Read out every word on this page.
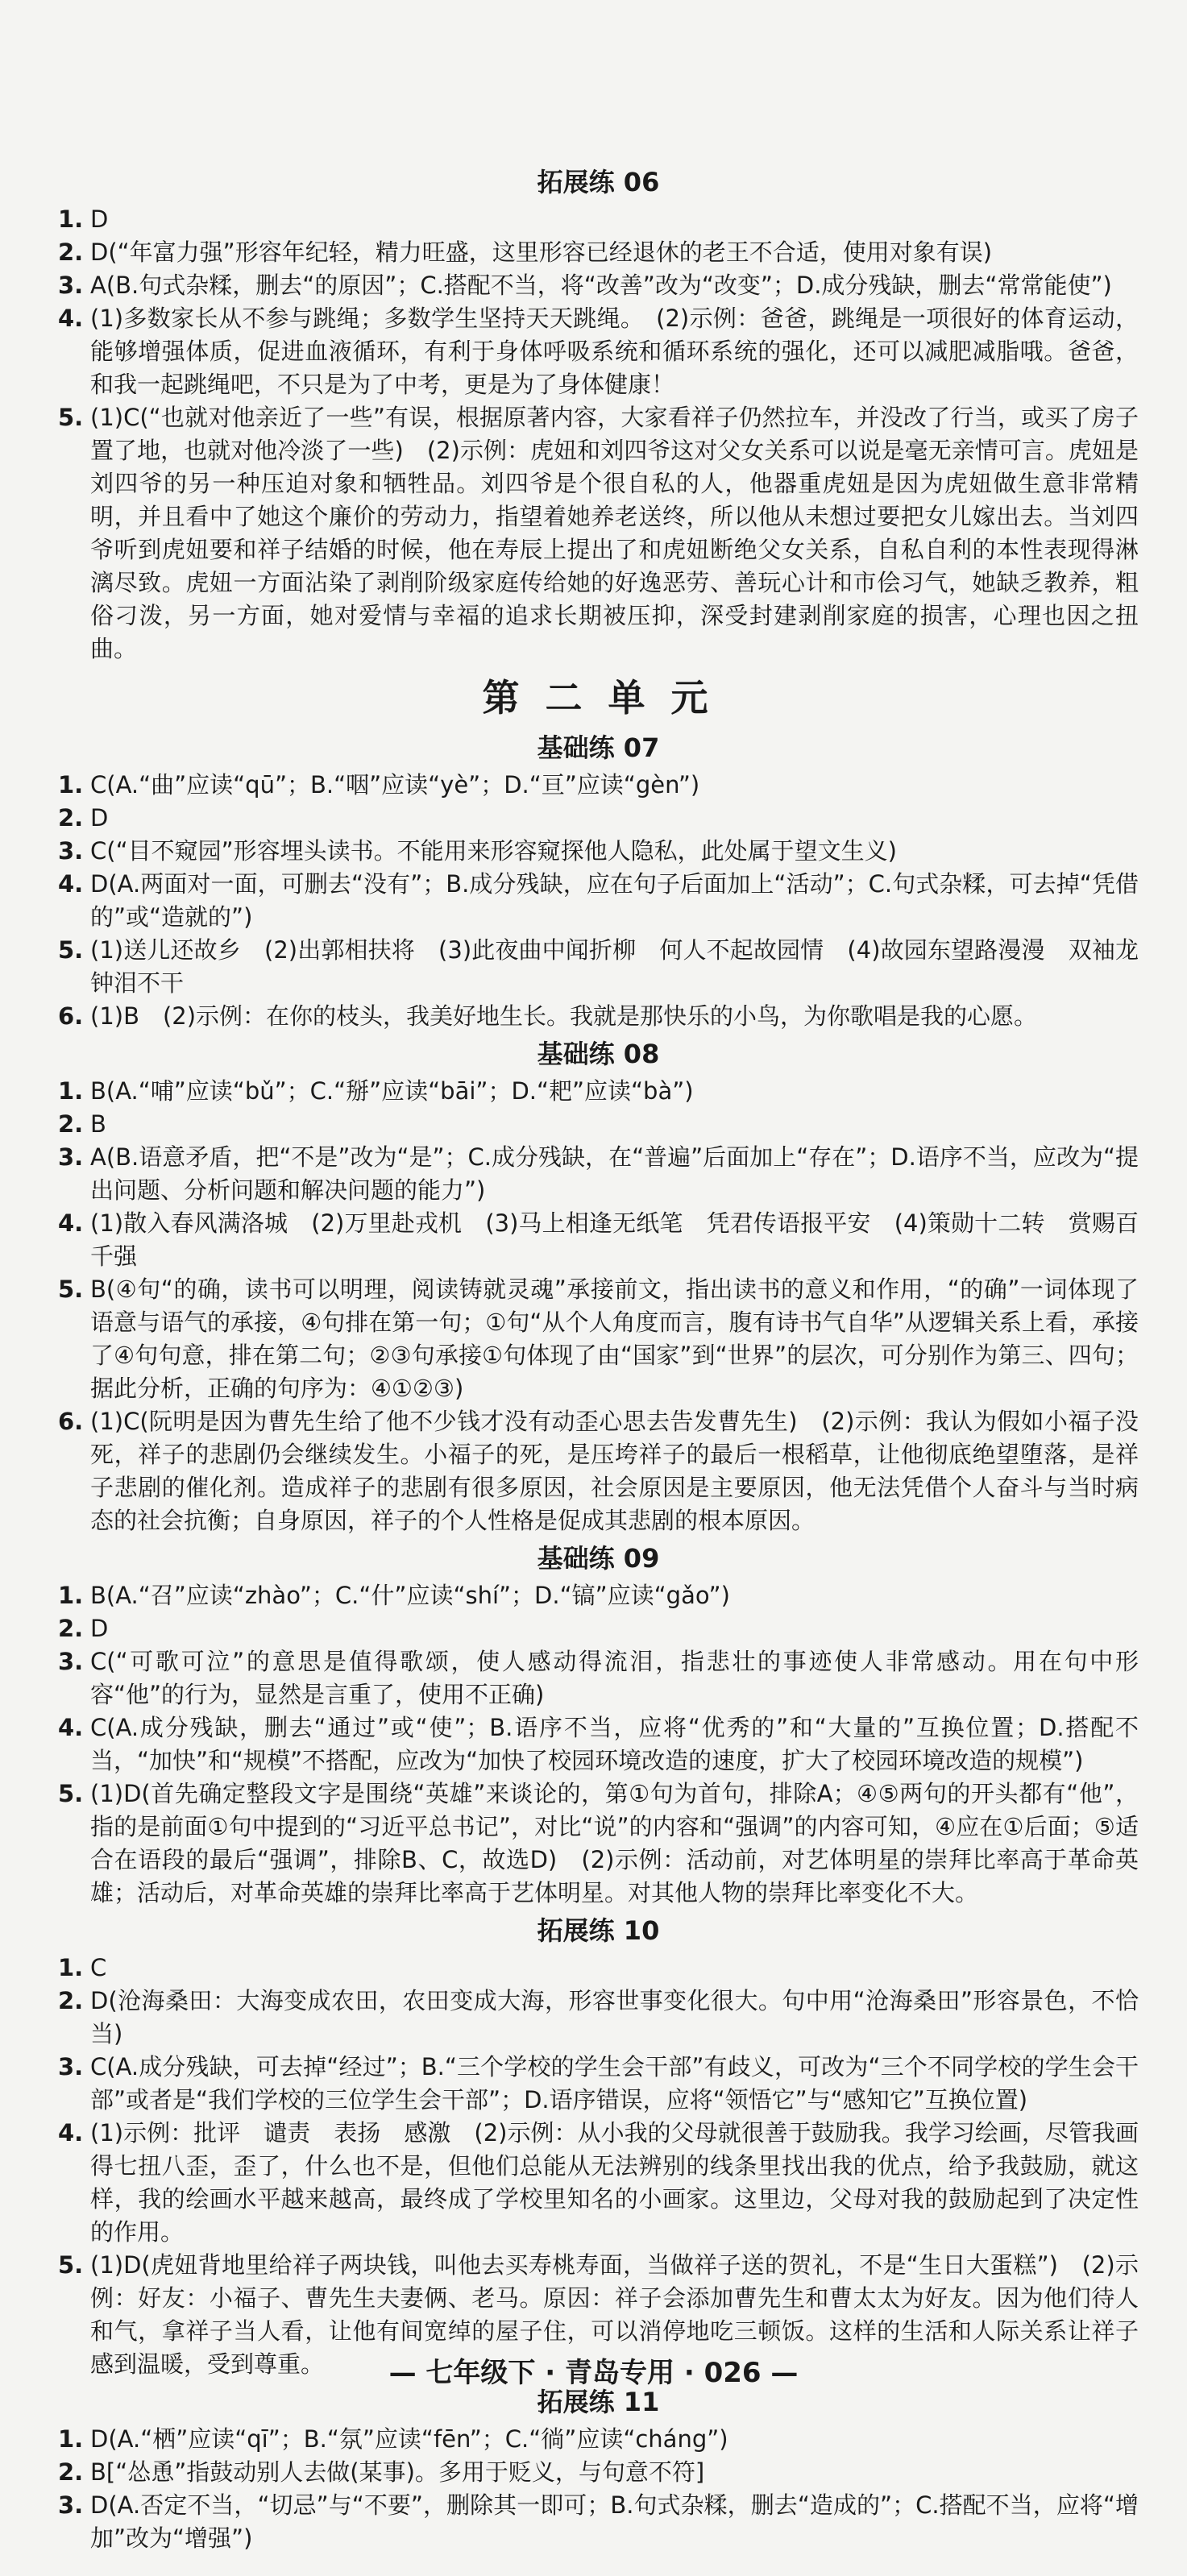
拓展练 06
1. D
2. D(“年富力强”形容年纪轻，精力旺盛，这里形容已经退休的老王不合适，使用对象有误)
3. A(B.句式杂糅，删去“的原因”；C.搭配不当，将“改善”改为“改变”；D.成分残缺，删去“常常能使”)
4. (1)多数家长从不参与跳绳；多数学生坚持天天跳绳。　(2)示例：爸爸，跳绳是一项很好的体育运动，能够增强体质，促进血液循环，有利于身体呼吸系统和循环系统的强化，还可以减肥减脂哦。爸爸，和我一起跳绳吧，不只是为了中考，更是为了身体健康！
5. (1)C(“也就对他亲近了一些”有误，根据原著内容，大家看祥子仍然拉车，并没改了行当，或买了房子置了地，也就对他冷淡了一些)　(2)示例：虎妞和刘四爷这对父女关系可以说是毫无亲情可言。虎妞是刘四爷的另一种压迫对象和牺牲品。刘四爷是个很自私的人，他器重虎妞是因为虎妞做生意非常精明，并且看中了她这个廉价的劳动力，指望着她养老送终，所以他从未想过要把女儿嫁出去。当刘四爷听到虎妞要和祥子结婚的时候，他在寿辰上提出了和虎妞断绝父女关系，自私自利的本性表现得淋漓尽致。虎妞一方面沾染了剥削阶级家庭传给她的好逸恶劳、善玩心计和市侩习气，她缺乏教养，粗俗刁泼，另一方面，她对爱情与幸福的追求长期被压抑，深受封建剥削家庭的损害，心理也因之扭曲。
第 二 单 元
基础练 07
1. C(A.“曲”应读“qū”；B.“咽”应读“yè”；D.“亘”应读“gèn”)
2. D
3. C(“目不窥园”形容埋头读书。不能用来形容窥探他人隐私，此处属于望文生义)
4. D(A.两面对一面，可删去“没有”；B.成分残缺，应在句子后面加上“活动”；C.句式杂糅，可去掉“凭借的”或“造就的”)
5. (1)送儿还故乡　(2)出郭相扶将　(3)此夜曲中闻折柳　何人不起故园情　(4)故园东望路漫漫　双袖龙钟泪不干
6. (1)B　(2)示例：在你的枝头，我美好地生长。我就是那快乐的小鸟，为你歌唱是我的心愿。
基础练 08
1. B(A.“哺”应读“bǔ”；C.“掰”应读“bāi”；D.“耙”应读“bà”)
2. B
3. A(B.语意矛盾，把“不是”改为“是”；C.成分残缺，在“普遍”后面加上“存在”；D.语序不当，应改为“提出问题、分析问题和解决问题的能力”)
4. (1)散入春风满洛城　(2)万里赴戎机　(3)马上相逢无纸笔　凭君传语报平安　(4)策勋十二转　赏赐百千强
5. B(④句“的确，读书可以明理，阅读铸就灵魂”承接前文，指出读书的意义和作用，“的确”一词体现了语意与语气的承接，④句排在第一句；①句“从个人角度而言，腹有诗书气自华”从逻辑关系上看，承接了④句句意，排在第二句；②③句承接①句体现了由“国家”到“世界”的层次，可分别作为第三、四句；据此分析，正确的句序为：④①②③)
6. (1)C(阮明是因为曹先生给了他不少钱才没有动歪心思去告发曹先生)　(2)示例：我认为假如小福子没死，祥子的悲剧仍会继续发生。小福子的死，是压垮祥子的最后一根稻草，让他彻底绝望堕落，是祥子悲剧的催化剂。造成祥子的悲剧有很多原因，社会原因是主要原因，他无法凭借个人奋斗与当时病态的社会抗衡；自身原因，祥子的个人性格是促成其悲剧的根本原因。
基础练 09
1. B(A.“召”应读“zhào”；C.“什”应读“shí”；D.“镐”应读“gǎo”)
2. D
3. C(“可歌可泣”的意思是值得歌颂，使人感动得流泪，指悲壮的事迹使人非常感动。用在句中形容“他”的行为，显然是言重了，使用不正确)
4. C(A.成分残缺，删去“通过”或“使”；B.语序不当，应将“优秀的”和“大量的”互换位置；D.搭配不当，“加快”和“规模”不搭配，应改为“加快了校园环境改造的速度，扩大了校园环境改造的规模”)
5. (1)D(首先确定整段文字是围绕“英雄”来谈论的，第①句为首句，排除A；④⑤两句的开头都有“他”，指的是前面①句中提到的“习近平总书记”，对比“说”的内容和“强调”的内容可知，④应在①后面；⑤适合在语段的最后“强调”，排除B、C，故选D)　(2)示例：活动前，对艺体明星的崇拜比率高于革命英雄；活动后，对革命英雄的崇拜比率高于艺体明星。对其他人物的崇拜比率变化不大。
拓展练 10
1. C
2. D(沧海桑田：大海变成农田，农田变成大海，形容世事变化很大。句中用“沧海桑田”形容景色，不恰当)
3. C(A.成分残缺，可去掉“经过”；B.“三个学校的学生会干部”有歧义，可改为“三个不同学校的学生会干部”或者是“我们学校的三位学生会干部”；D.语序错误，应将“领悟它”与“感知它”互换位置)
4. (1)示例：批评　谴责　表扬　感激　(2)示例：从小我的父母就很善于鼓励我。我学习绘画，尽管我画得七扭八歪，歪了，什么也不是，但他们总能从无法辨别的线条里找出我的优点，给予我鼓励，就这样，我的绘画水平越来越高，最终成了学校里知名的小画家。这里边，父母对我的鼓励起到了决定性的作用。
5. (1)D(虎妞背地里给祥子两块钱，叫他去买寿桃寿面，当做祥子送的贺礼，不是“生日大蛋糕”)　(2)示例：好友：小福子、曹先生夫妻俩、老马。原因：祥子会添加曹先生和曹太太为好友。因为他们待人和气，拿祥子当人看，让他有间宽绰的屋子住，可以消停地吃三顿饭。这样的生活和人际关系让祥子感到温暖，受到尊重。
拓展练 11
1. D(A.“栖”应读“qī”；B.“氛”应读“fēn”；C.“徜”应读“cháng”)
2. B[“怂恿”指鼓动别人去做(某事)。多用于贬义，与句意不符]
3. D(A.否定不当，“切忌”与“不要”，删除其一即可；B.句式杂糅，删去“造成的”；C.搭配不当，应将“增加”改为“增强”)
— 七年级下 · 青岛专用 · 026 —
